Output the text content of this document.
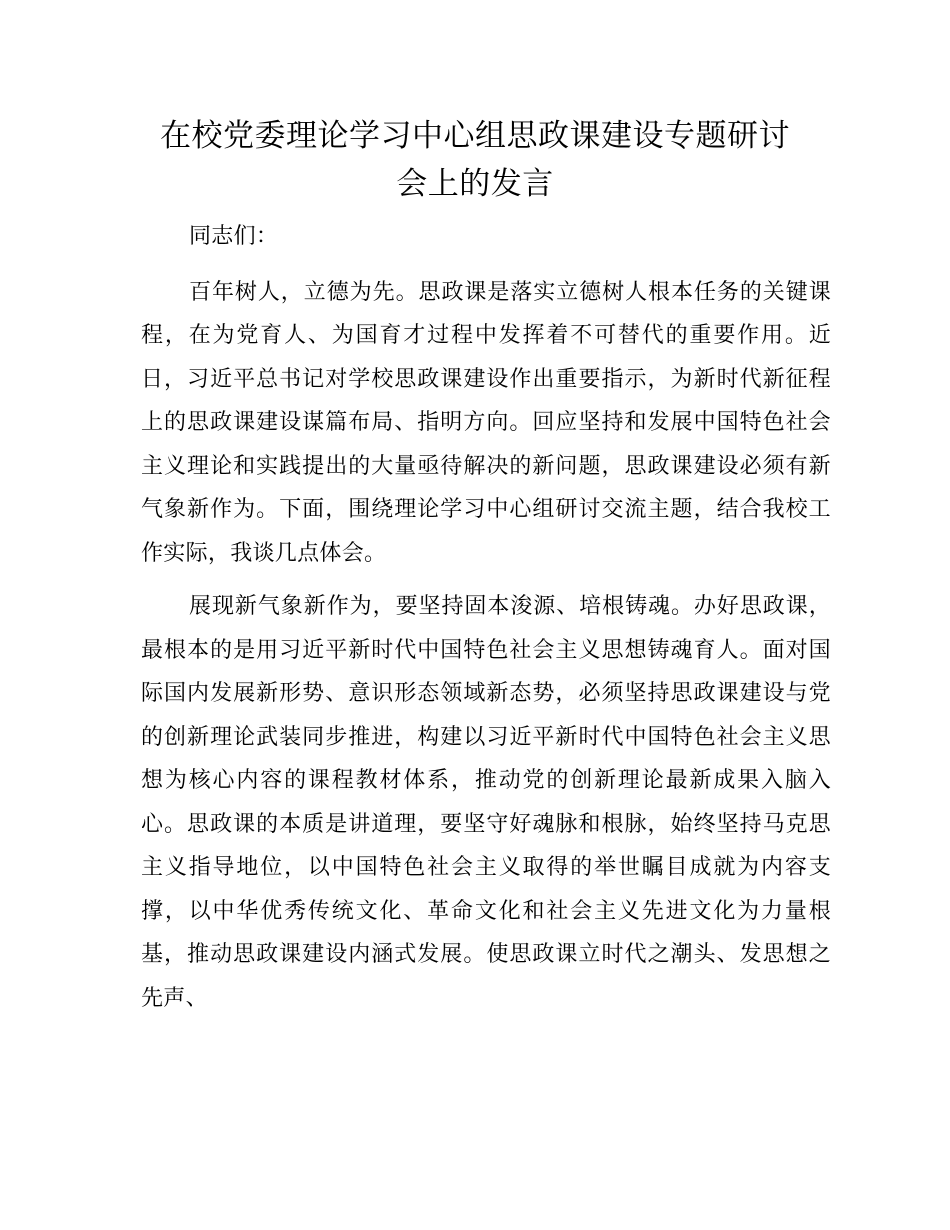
在校党委理论学习中心组思政课建设专题研讨
会上的发言

同志们：

百年树人，立德为先。思政课是落实立德树人根本任务的关键课程，在为党育人、为国育才过程中发挥着不可替代的重要作用。近日，习近平总书记对学校思政课建设作出重要指示，为新时代新征程上的思政课建设谋篇布局、指明方向。回应坚持和发展中国特色社会主义理论和实践提出的大量亟待解决的新问题，思政课建设必须有新气象新作为。下面，围绕理论学习中心组研讨交流主题，结合我校工作实际，我谈几点体会。

展现新气象新作为，要坚持固本浚源、培根铸魂。办好思政课，最根本的是用习近平新时代中国特色社会主义思想铸魂育人。面对国际国内发展新形势、意识形态领域新态势，必须坚持思政课建设与党的创新理论武装同步推进，构建以习近平新时代中国特色社会主义思想为核心内容的课程教材体系，推动党的创新理论最新成果入脑入心。思政课的本质是讲道理，要坚守好魂脉和根脉，始终坚持马克思主义指导地位，以中国特色社会主义取得的举世瞩目成就为内容支撑，以中华优秀传统文化、革命文化和社会主义先进文化为力量根基，推动思政课建设内涵式发展。使思政课立时代之潮头、发思想之先声、
